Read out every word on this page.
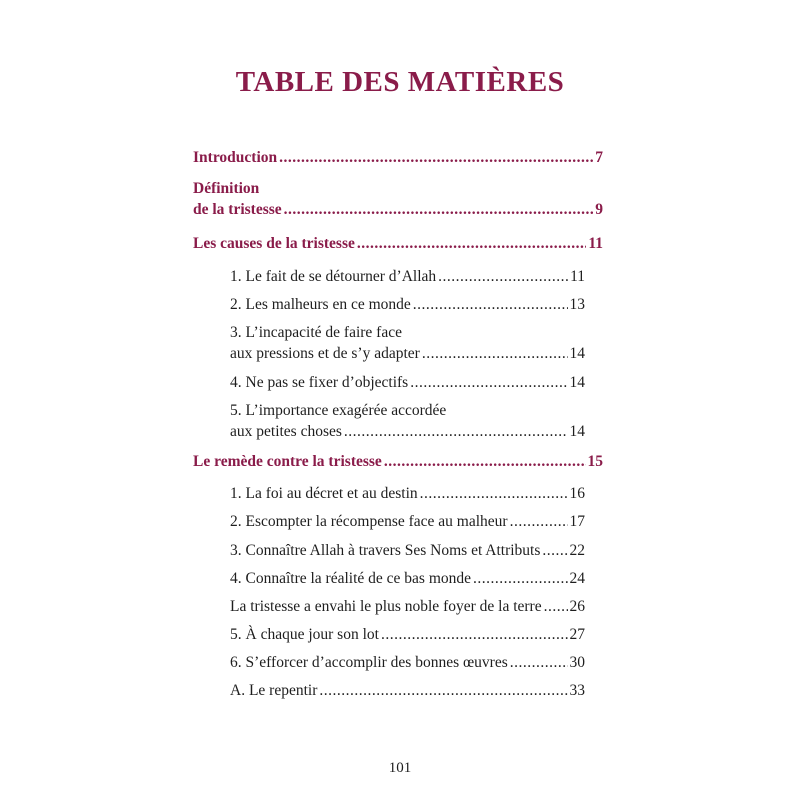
TABLE DES MATIÈRES
Introduction .....	7
Définition
de la tristesse .....	9
Les causes de la tristesse .....	11
1. Le fait de se détourner d’Allah .....	11
2. Les malheurs en ce monde .....	13
3. L’incapacité de faire face
aux pressions et de s’y adapter .....	14
4. Ne pas se fixer d’objectifs .....	14
5. L’importance exagérée accordée
aux petites choses .....	14
Le remède contre la tristesse .....	15
1. La foi au décret et au destin .....	16
2. Escompter la récompense face au malheur .....	17
3. Connaître Allah à travers Ses Noms et Attributs ..... 22
4. Connaître la réalité de ce bas monde .....	24
La tristesse a envahi le plus noble foyer de la terre ..... 26
5. À chaque jour son lot .....	27
6. S’efforcer d’accomplir des bonnes œuvres .....	30
A. Le repentir .....	33
101
